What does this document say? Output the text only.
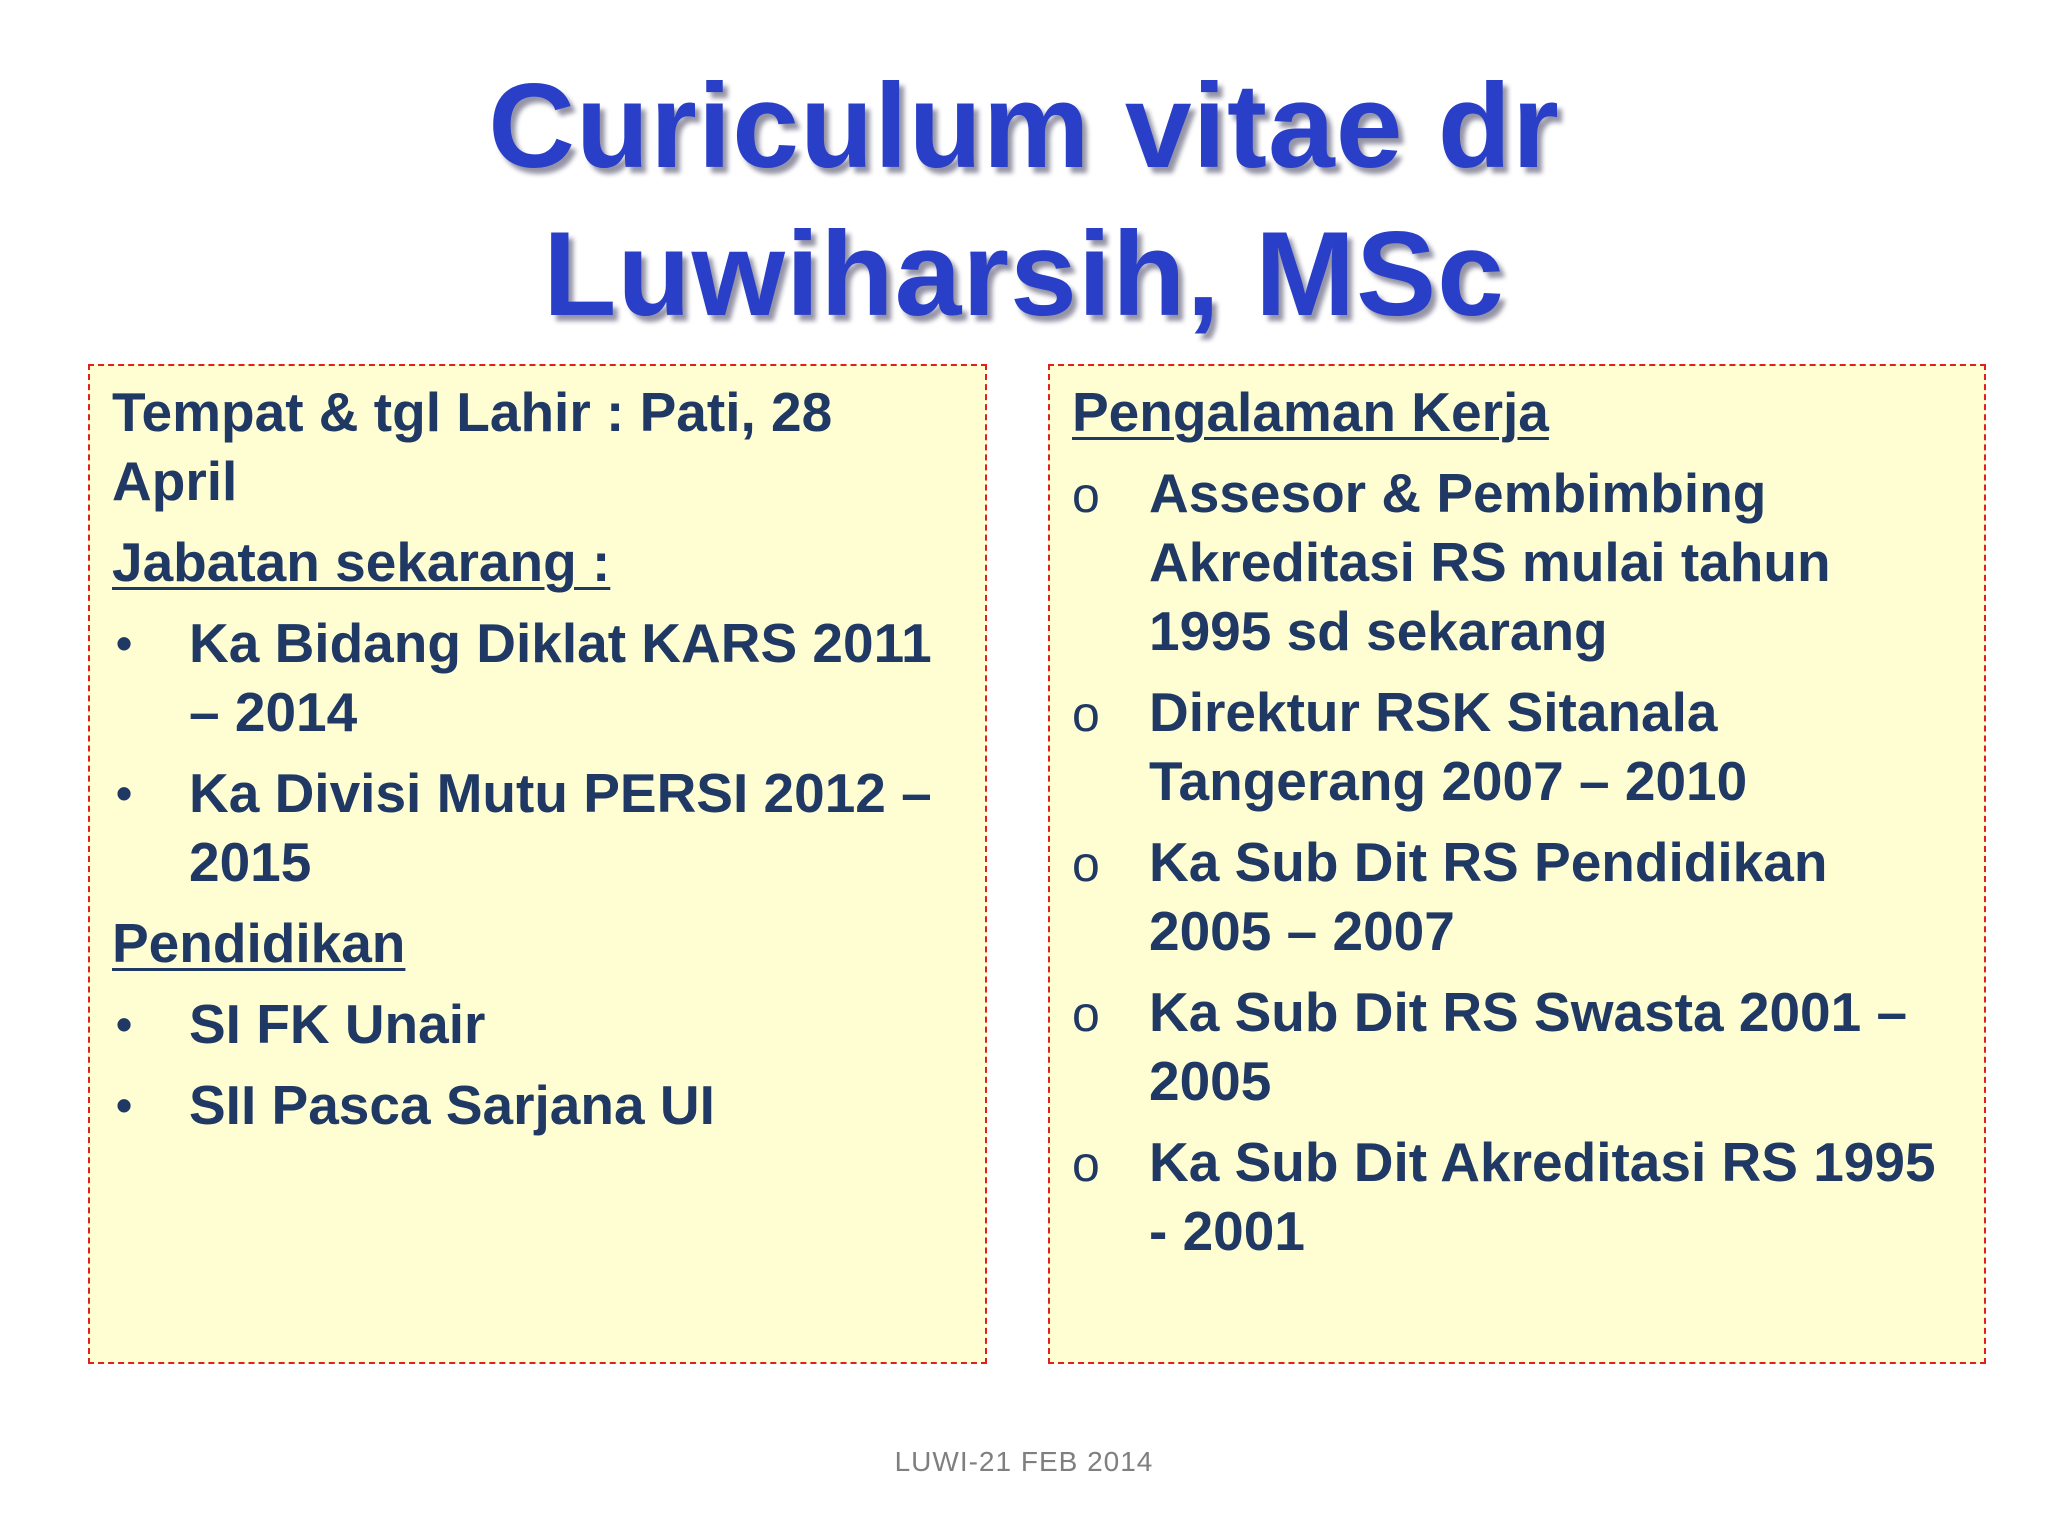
Curiculum vitae dr
Luwiharsih, MSc
Tempat & tgl Lahir : Pati, 28 April
Jabatan sekarang :
•	Ka Bidang Diklat KARS 2011 – 2014
•	Ka Divisi Mutu PERSI 2012 – 2015
Pendidikan
•	SI FK Unair
•	SII Pasca Sarjana UI
Pengalaman Kerja
o Assesor & Pembimbing Akreditasi RS mulai tahun 1995 sd sekarang
o Direktur RSK Sitanala Tangerang 2007 – 2010
o Ka Sub Dit RS Pendidikan 2005 – 2007
o Ka Sub Dit RS Swasta 2001 – 2005
o Ka Sub Dit Akreditasi RS 1995 - 2001
LUWI-21 FEB 2014
